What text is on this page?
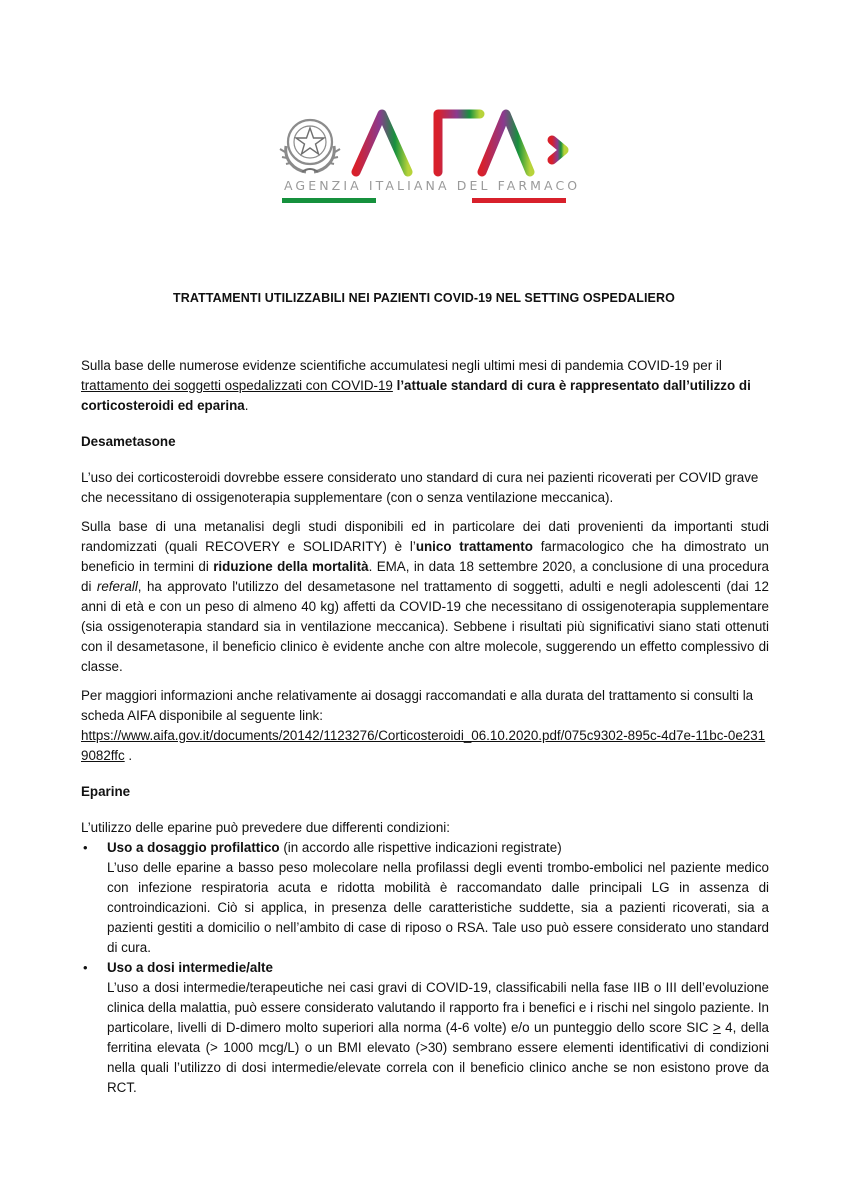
AGENZIA ITALIANA DEL FARMACO
TRATTAMENTI UTILIZZABILI NEI PAZIENTI COVID-19 NEL SETTING OSPEDALIERO

Sulla base delle numerose evidenze scientifiche accumulatesi negli ultimi mesi di pandemia COVID-19 per il trattamento dei soggetti ospedalizzati con COVID-19 l’attuale standard di cura è rappresentato dall’utilizzo di corticosteroidi ed eparina.

Desametasone

L’uso dei corticosteroidi dovrebbe essere considerato uno standard di cura nei pazienti ricoverati per COVID grave che necessitano di ossigenoterapia supplementare (con o senza ventilazione meccanica).

Sulla base di una metanalisi degli studi disponibili ed in particolare dei dati provenienti da importanti studi randomizzati (quali RECOVERY e SOLIDARITY) è l’unico trattamento farmacologico che ha dimostrato un beneficio in termini di riduzione della mortalità. EMA, in data 18 settembre 2020, a conclusione di una procedura di referall, ha approvato l'utilizzo del desametasone nel trattamento di soggetti, adulti e negli adolescenti (dai 12 anni di età e con un peso di almeno 40 kg) affetti da COVID-19 che necessitano di ossigenoterapia supplementare (sia ossigenoterapia standard sia in ventilazione meccanica). Sebbene i risultati più significativi siano stati ottenuti con il desametasone, il beneficio clinico è evidente anche con altre molecole, suggerendo un effetto complessivo di classe.

Per maggiori informazioni anche relativamente ai dosaggi raccomandati e alla durata del trattamento si consulti la scheda AIFA disponibile al seguente link:
https://www.aifa.gov.it/documents/20142/1123276/Corticosteroidi_06.10.2020.pdf/075c9302-895c-4d7e-11bc-0e2319082ffc .

Eparine

L’utilizzo delle eparine può prevedere due differenti condizioni:

• Uso a dosaggio profilattico (in accordo alle rispettive indicazioni registrate)

L’uso delle eparine a basso peso molecolare nella profilassi degli eventi trombo-embolici nel paziente medico con infezione respiratoria acuta e ridotta mobilità è raccomandato dalle principali LG in assenza di controindicazioni. Ciò si applica, in presenza delle caratteristiche suddette, sia a pazienti ricoverati, sia a pazienti gestiti a domicilio o nell’ambito di case di riposo o RSA. Tale uso può essere considerato uno standard di cura.
• Uso a dosi intermedie/alte

L’uso a dosi intermedie/terapeutiche nei casi gravi di COVID-19, classificabili nella fase IIB o III dell’evoluzione clinica della malattia, può essere considerato valutando il rapporto fra i benefici e i rischi nel singolo paziente. In particolare, livelli di D-dimero molto superiori alla norma (4-6 volte) e/o un punteggio dello score SIC ≥ 4, della ferritina elevata (> 1000 mcg/L) o un BMI elevato (>30) sembrano essere elementi identificativi di condizioni nella quali l’utilizzo di dosi intermedie/elevate correla con il beneficio clinico anche se non esistono prove da RCT.
